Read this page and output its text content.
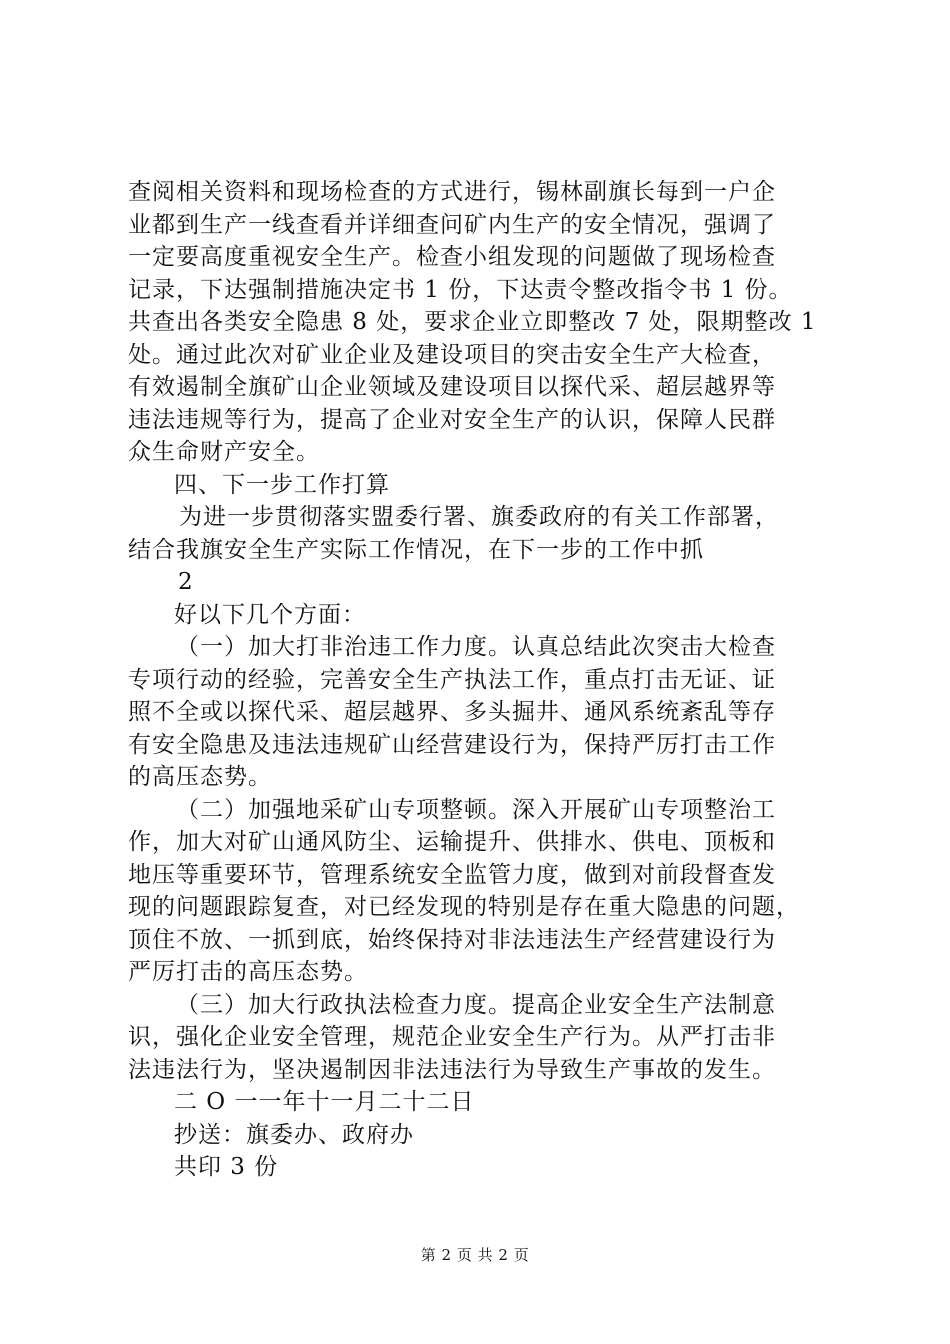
查阅相关资料和现场检查的方式进行，锡林副旗长每到一户企
业都到生产一线查看并详细查问矿内生产的安全情况，强调了
一定要高度重视安全生产。检查小组发现的问题做了现场检查
记录，下达强制措施决定书 1 份，下达责令整改指令书 1 份。
共查出各类安全隐患 8 处，要求企业立即整改 7 处，限期整改 1
处。通过此次对矿业企业及建设项目的突击安全生产大检查，
有效遏制全旗矿山企业领域及建设项目以探代采、超层越界等
违法违规等行为，提高了企业对安全生产的认识，保障人民群
众生命财产安全。
四、下一步工作打算
为进一步贯彻落实盟委行署、旗委政府的有关工作部署，
结合我旗安全生产实际工作情况，在下一步的工作中抓
2
好以下几个方面：
（一）加大打非治违工作力度。认真总结此次突击大检查
专项行动的经验，完善安全生产执法工作，重点打击无证、证
照不全或以探代采、超层越界、多头掘井、通风系统紊乱等存
有安全隐患及违法违规矿山经营建设行为，保持严厉打击工作
的高压态势。
（二）加强地采矿山专项整顿。深入开展矿山专项整治工
作，加大对矿山通风防尘、运输提升、供排水、供电、顶板和
地压等重要环节，管理系统安全监管力度，做到对前段督查发
现的问题跟踪复查，对已经发现的特别是存在重大隐患的问题，
顶住不放、一抓到底，始终保持对非法违法生产经营建设行为
严厉打击的高压态势。
（三）加大行政执法检查力度。提高企业安全生产法制意
识，强化企业安全管理，规范企业安全生产行为。从严打击非
法违法行为，坚决遏制因非法违法行为导致生产事故的发生。
二 O 一一年十一月二十二日
抄送：旗委办、政府办
共印 3 份
第 2 页 共 2 页
